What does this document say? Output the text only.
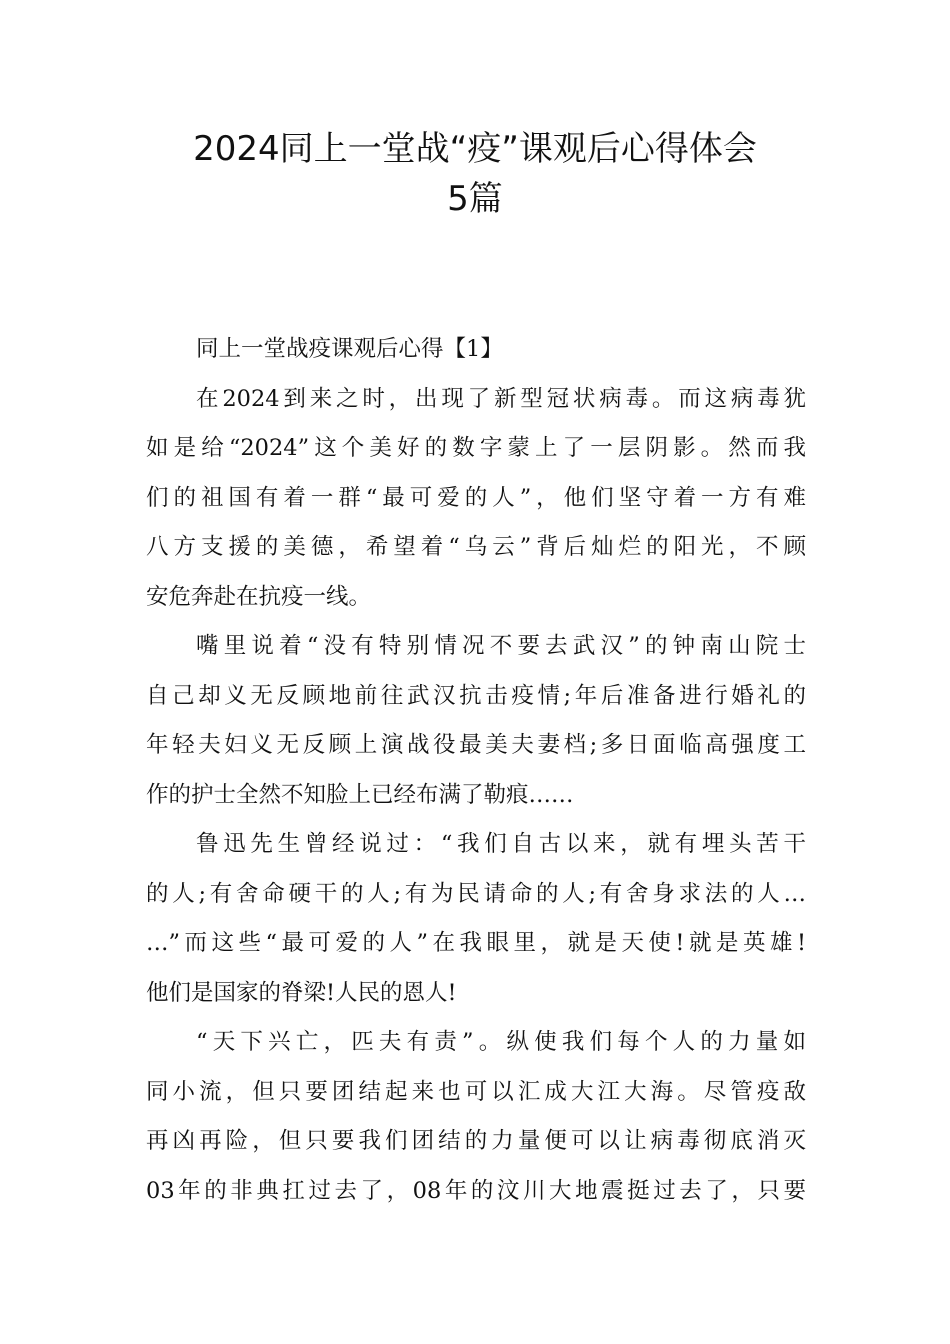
2024同上一堂战“疫”课观后心得体会
5篇
同上一堂战疫课观后心得【1】
在2024到来之时，出现了新型冠状病毒。而这病毒犹
如是给“2024”这个美好的数字蒙上了一层阴影。然而我
们的祖国有着一群“最可爱的人”，他们坚守着一方有难
八方支援的美德，希望着“乌云”背后灿烂的阳光，不顾
安危奔赴在抗疫一线。
嘴里说着“没有特别情况不要去武汉”的钟南山院士
自己却义无反顾地前往武汉抗击疫情;年后准备进行婚礼的
年轻夫妇义无反顾上演战役最美夫妻档;多日面临高强度工
作的护士全然不知脸上已经布满了勒痕……
鲁迅先生曾经说过：“我们自古以来，就有埋头苦干
的人;有舍命硬干的人;有为民请命的人;有舍身求法的人…
…”而这些“最可爱的人”在我眼里，就是天使!就是英雄!
他们是国家的脊梁!人民的恩人!
“天下兴亡，匹夫有责”。纵使我们每个人的力量如
同小流，但只要团结起来也可以汇成大江大海。尽管疫敌
再凶再险，但只要我们团结的力量便可以让病毒彻底消灭
03年的非典扛过去了，08年的汶川大地震挺过去了，只要
